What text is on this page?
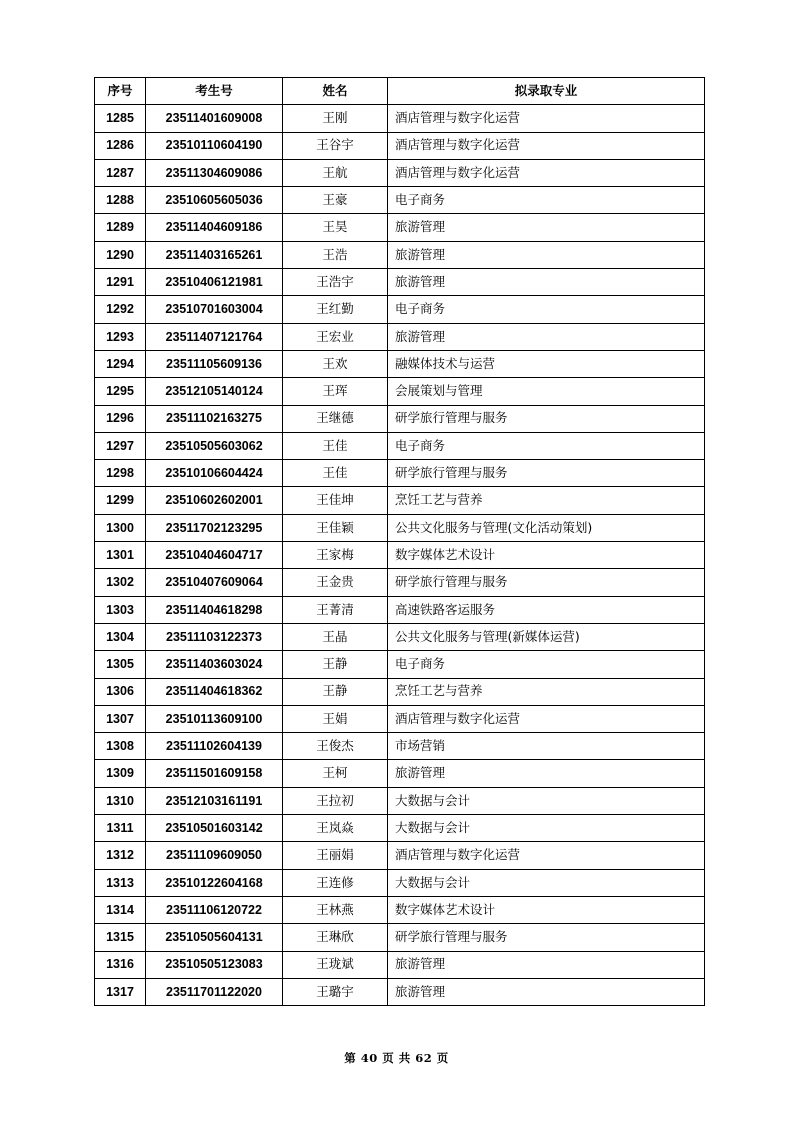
序号	考生号	姓名	拟录取专业
1285	23511401609008	王刚	酒店管理与数字化运营
1286	23510110604190	王谷宇	酒店管理与数字化运营
1287	23511304609086	王航	酒店管理与数字化运营
1288	23510605605036	王豪	电子商务
1289	23511404609186	王昊	旅游管理
1290	23511403165261	王浩	旅游管理
1291	23510406121981	王浩宇	旅游管理
1292	23510701603004	王红勤	电子商务
1293	23511407121764	王宏业	旅游管理
1294	23511105609136	王欢	融媒体技术与运营
1295	23512105140124	王珲	会展策划与管理
1296	23511102163275	王继德	研学旅行管理与服务
1297	23510505603062	王佳	电子商务
1298	23510106604424	王佳	研学旅行管理与服务
1299	23510602602001	王佳坤	烹饪工艺与营养
1300	23511702123295	王佳颖	公共文化服务与管理(文化活动策划)
1301	23510404604717	王家梅	数字媒体艺术设计
1302	23510407609064	王金贵	研学旅行管理与服务
1303	23511404618298	王菁清	高速铁路客运服务
1304	23511103122373	王晶	公共文化服务与管理(新媒体运营)
1305	23511403603024	王静	电子商务
1306	23511404618362	王静	烹饪工艺与营养
1307	23510113609100	王娟	酒店管理与数字化运营
1308	23511102604139	王俊杰	市场营销
1309	23511501609158	王柯	旅游管理
1310	23512103161191	王拉初	大数据与会计
1311	23510501603142	王岚焱	大数据与会计
1312	23511109609050	王丽娟	酒店管理与数字化运营
1313	23510122604168	王连修	大数据与会计
1314	23511106120722	王林燕	数字媒体艺术设计
1315	23510505604131	王琳欣	研学旅行管理与服务
1316	23510505123083	王珑斌	旅游管理
1317	23511701122020	王璐宇	旅游管理
第 40 页 共 62 页
